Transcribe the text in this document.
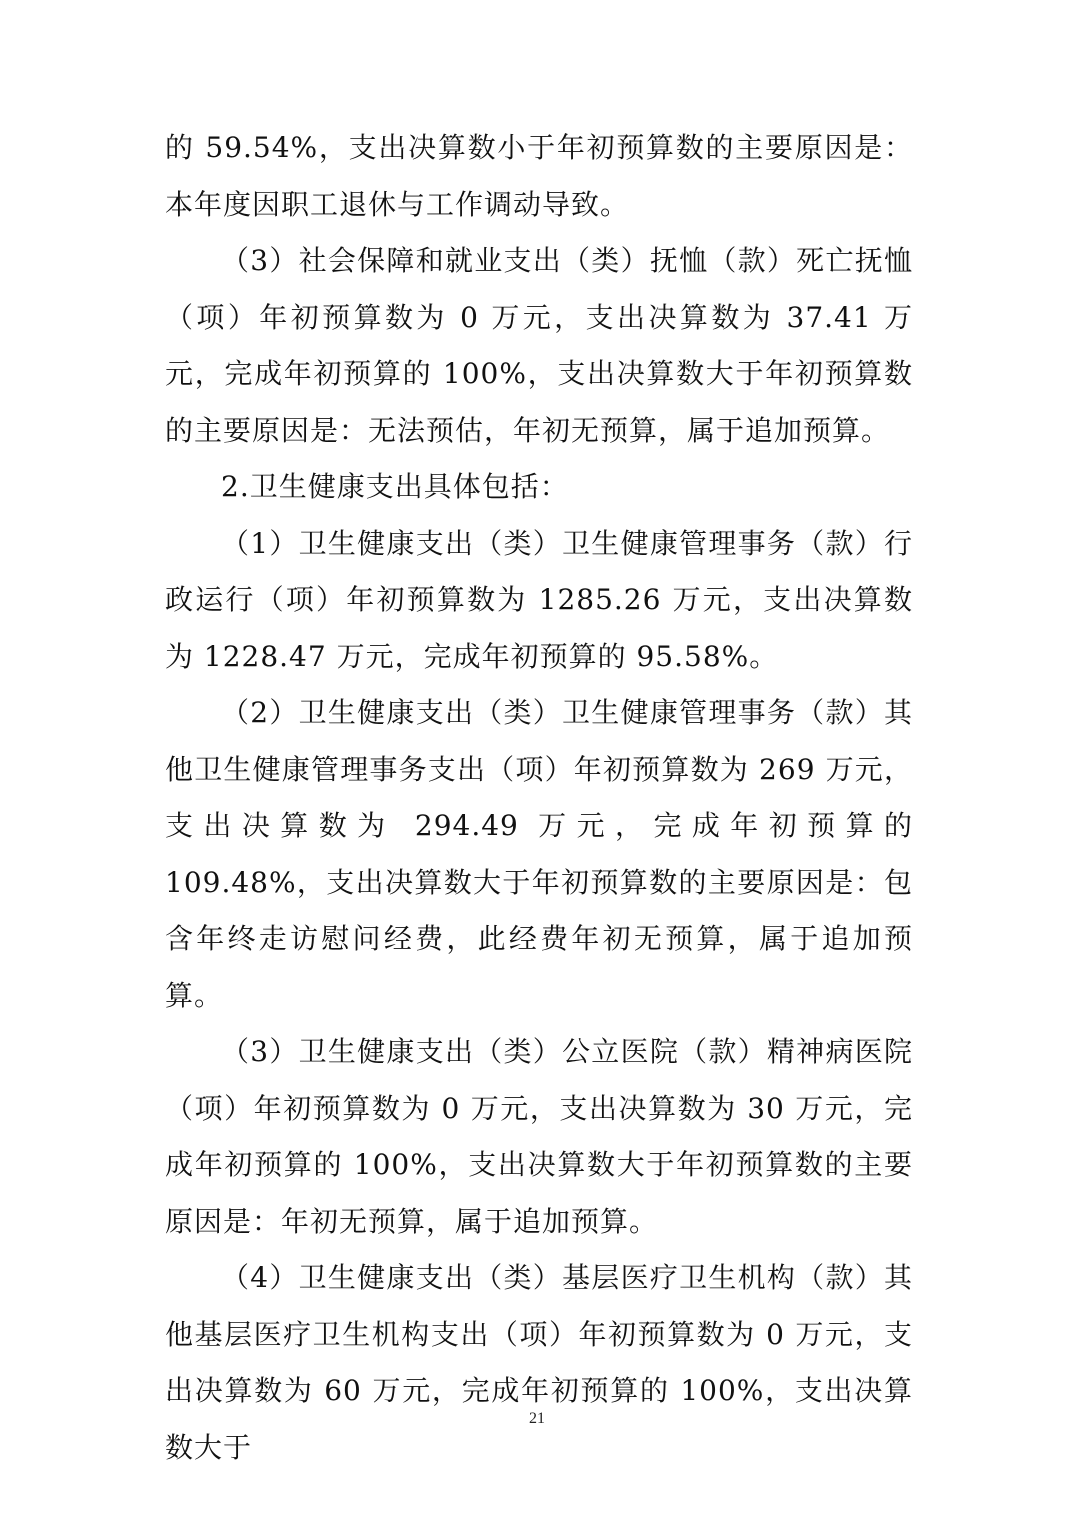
的 59.54%，支出决算数小于年初预算数的主要原因是：本年度因职工退休与工作调动导致。

（3）社会保障和就业支出（类）抚恤（款）死亡抚恤（项）年初预算数为 0 万元，支出决算数为 37.41 万元，完成年初预算的 100%，支出决算数大于年初预算数的主要原因是：无法预估，年初无预算，属于追加预算。

2.卫生健康支出具体包括：

（1）卫生健康支出（类）卫生健康管理事务（款）行政运行（项）年初预算数为 1285.26 万元，支出决算数为 1228.47 万元，完成年初预算的 95.58%。

（2）卫生健康支出（类）卫生健康管理事务（款）其他卫生健康管理事务支出（项）年初预算数为 269 万元，支出决算数为 294.49 万元，完成年初预算的 109.48%，支出决算数大于年初预算数的主要原因是：包含年终走访慰问经费，此经费年初无预算，属于追加预算。

（3）卫生健康支出（类）公立医院（款）精神病医院（项）年初预算数为 0 万元，支出决算数为 30 万元，完成年初预算的 100%，支出决算数大于年初预算数的主要原因是：年初无预算，属于追加预算。

（4）卫生健康支出（类）基层医疗卫生机构（款）其他基层医疗卫生机构支出（项）年初预算数为 0 万元，支出决算数为 60 万元，完成年初预算的 100%，支出决算数大于

21
